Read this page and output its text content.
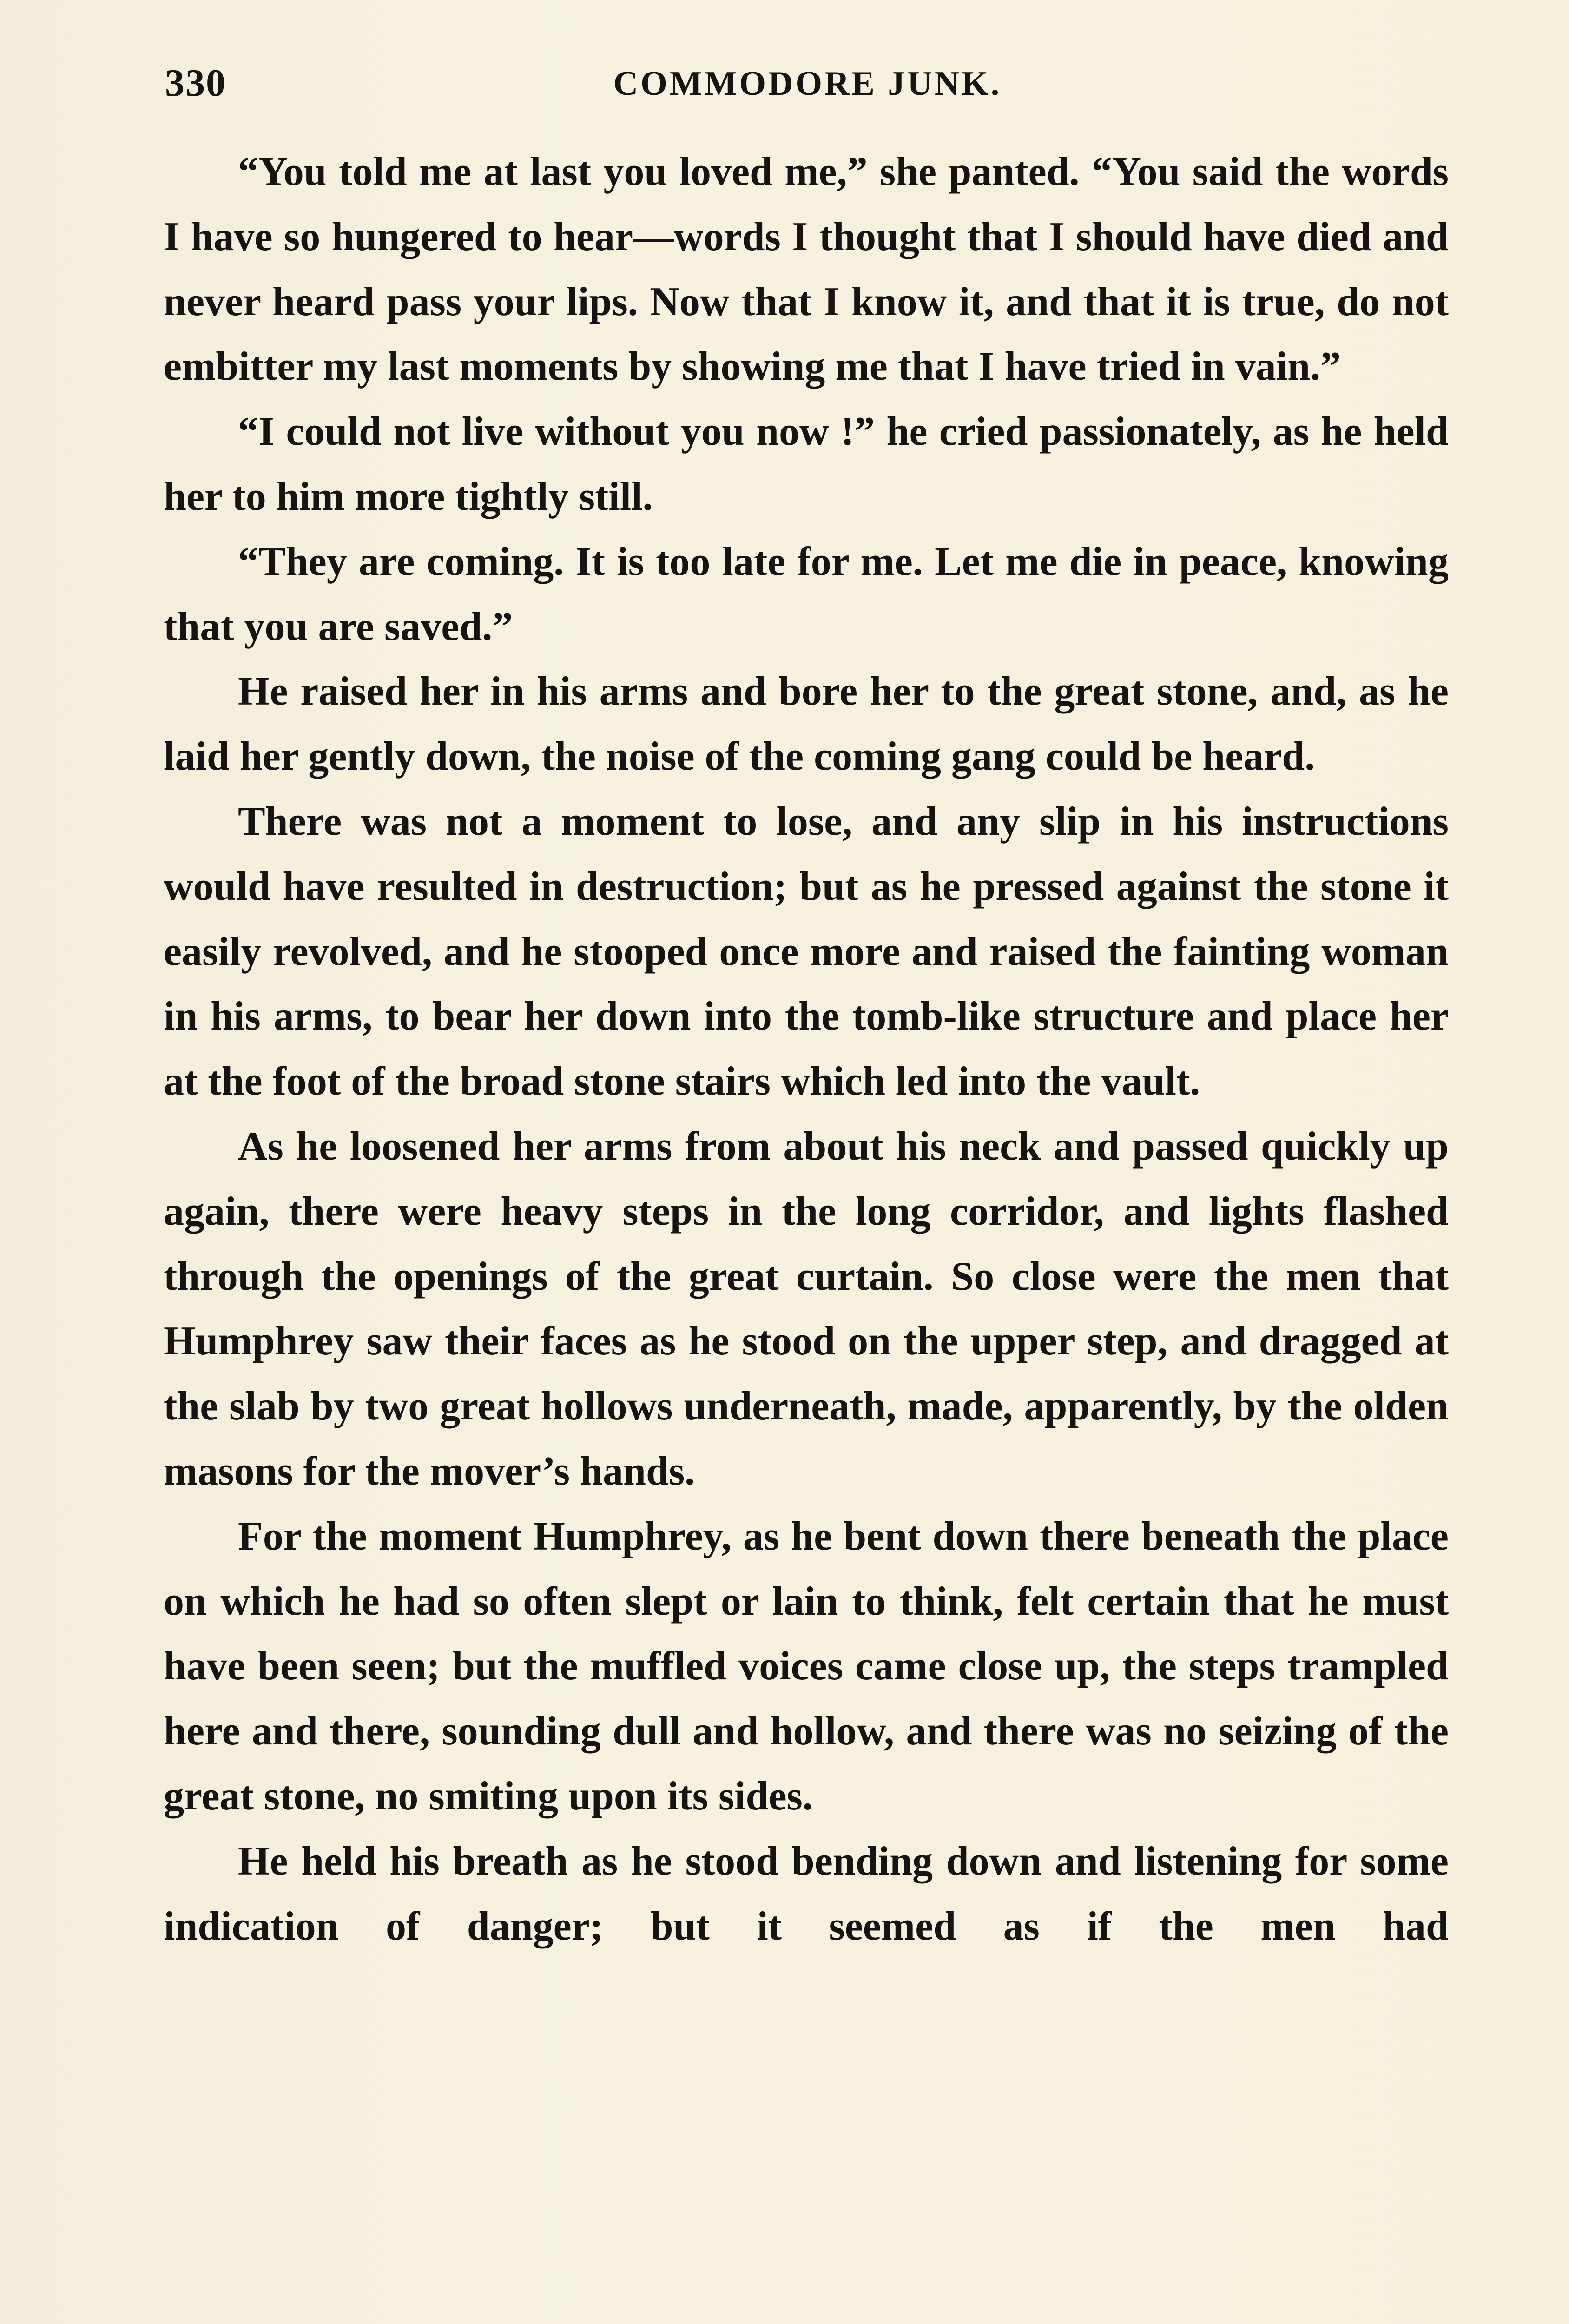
330	COMMODORE JUNK.

“You told me at last you loved me,” she panted. “You said the words I have so hungered to hear—words I thought that I should have died and never heard pass your lips. Now that I know it, and that it is true, do not embitter my last moments by showing me that I have tried in vain.”

“I could not live without you now !” he cried passionately, as he held her to him more tightly still.

“They are coming. It is too late for me. Let me die in peace, knowing that you are saved.”

He raised her in his arms and bore her to the great stone, and, as he laid her gently down, the noise of the coming gang could be heard.

There was not a moment to lose, and any slip in his instructions would have resulted in destruction; but as he pressed against the stone it easily revolved, and he stooped once more and raised the fainting woman in his arms, to bear her down into the tomb-like structure and place her at the foot of the broad stone stairs which led into the vault.

As he loosened her arms from about his neck and passed quickly up again, there were heavy steps in the long corridor, and lights flashed through the openings of the great curtain. So close were the men that Humphrey saw their faces as he stood on the upper step, and dragged at the slab by two great hollows underneath, made, apparently, by the olden masons for the mover’s hands.

For the moment Humphrey, as he bent down there beneath the place on which he had so often slept or lain to think, felt certain that he must have been seen; but the muffled voices came close up, the steps trampled here and there, sounding dull and hollow, and there was no seizing of the great stone, no smiting upon its sides.

He held his breath as he stood bending down and listening for some indication of danger; but it seemed as if the men had
